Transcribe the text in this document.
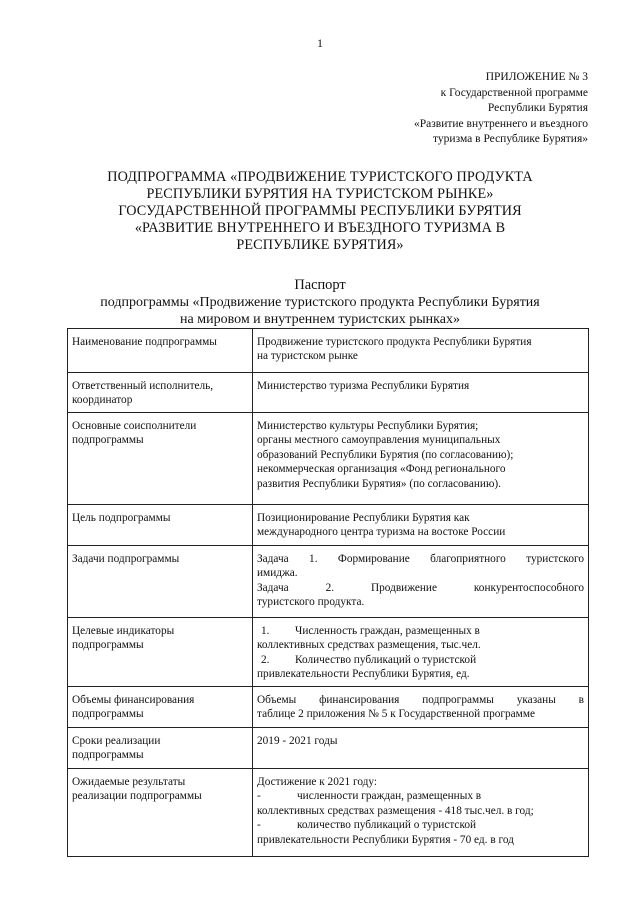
1
ПРИЛОЖЕНИЕ № 3
к Государственной программе
Республики Бурятия
«Развитие внутреннего и въездного
туризма в Республике Бурятия»
ПОДПРОГРАММА «ПРОДВИЖЕНИЕ ТУРИСТСКОГО ПРОДУКТА
РЕСПУБЛИКИ БУРЯТИЯ НА ТУРИСТСКОМ РЫНКЕ»
ГОСУДАРСТВЕННОЙ ПРОГРАММЫ РЕСПУБЛИКИ БУРЯТИЯ
«РАЗВИТИЕ ВНУТРЕННЕГО И ВЪЕЗДНОГО ТУРИЗМА В
РЕСПУБЛИКЕ БУРЯТИЯ»
Паспорт
подпрограммы «Продвижение туристского продукта Республики Бурятия
на мировом и внутреннем туристских рынках»
Наименование подпрограммы	Продвижение туристского продукта Республики Бурятия
на туристском рынке

Ответственный исполнитель,
координатор	Министерство туризма Республики Бурятия

Основные соисполнители
подпрограммы	Министерство культуры Республики Бурятия;
органы местного самоуправления муниципальных
образований Республики Бурятия (по согласованию);
некоммерческая организация «Фонд регионального
развития Республики Бурятия» (по согласованию).

Цель подпрограммы	Позиционирование Республики Бурятия как
международного центра туризма на востоке России

Задачи подпрограммы	Задача 1. Формирование благоприятного туристского
имиджа.
Задача 2. Продвижение конкурентоспособного
туристского продукта.

Целевые индикаторы
подпрограммы	1. Численность граждан, размещенных в
коллективных средствах размещения, тыс.чел.
2. Количество публикаций о туристской
привлекательности Республики Бурятия, ед.

Объемы финансирования
подпрограммы	Объемы финансирования подпрограммы указаны в
таблице 2 приложения № 5 к Государственной программе

Сроки реализации
подпрограммы	2019 - 2021 годы

Ожидаемые результаты
реализации подпрограммы	Достижение к 2021 году:
- численности граждан, размещенных в
коллективных средствах размещения - 418 тыс.чел. в год;
- количество публикаций о туристской
привлекательности Республики Бурятия - 70 ед. в год
